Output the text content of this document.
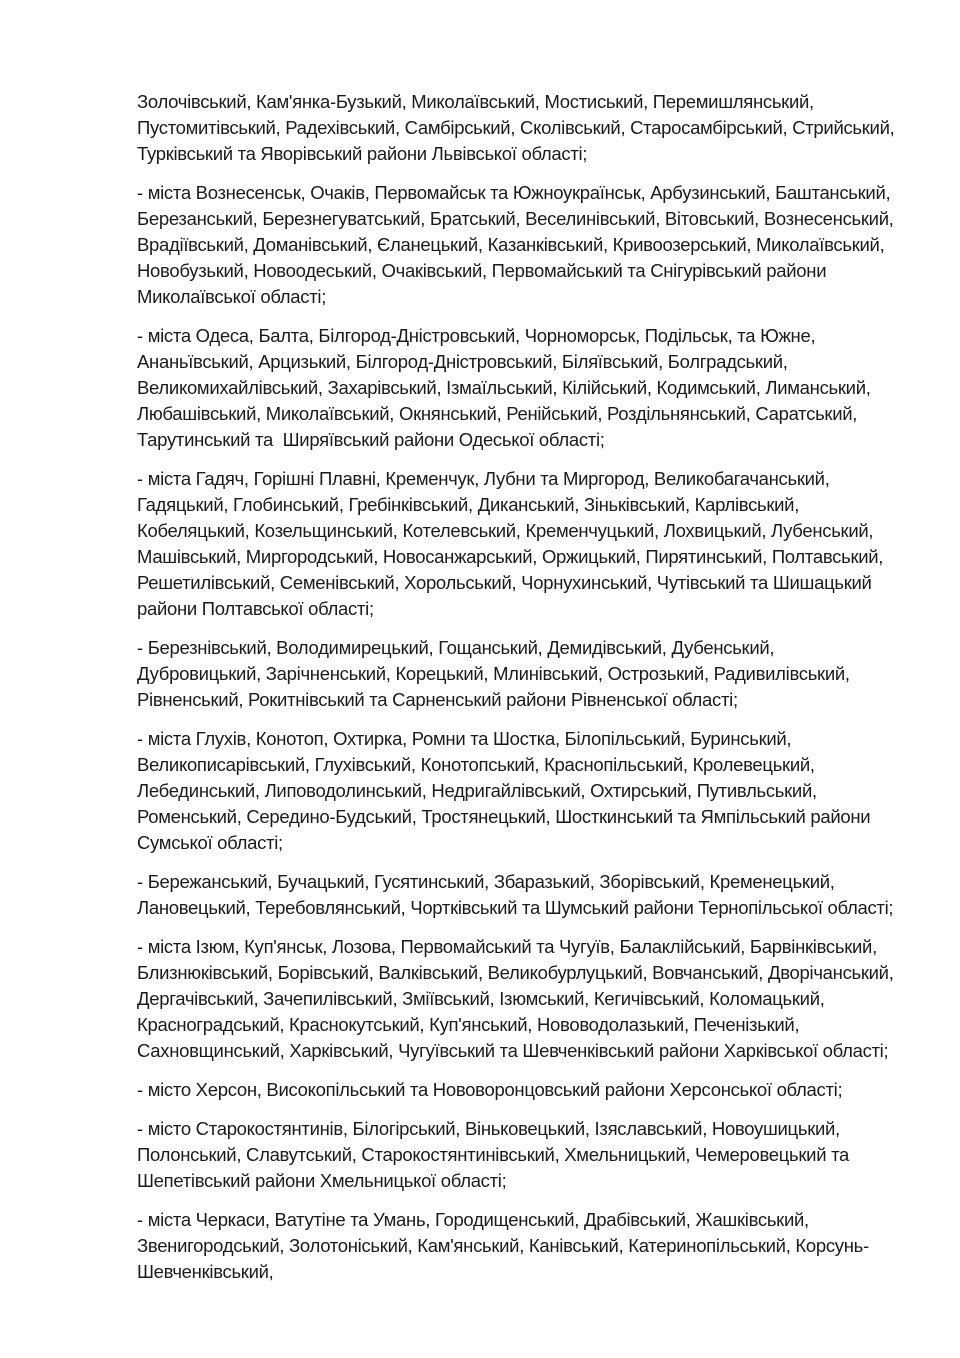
Золочівський, Кам'янка-Бузький, Миколаївський, Мостиський, Перемишлянський, Пустомитівський, Радехівський, Самбірський, Сколівський, Старосамбірський, Стрийський, Турківський та Яворівський райони Львівської області;

- міста Вознесенськ, Очаків, Первомайськ та Южноукраїнськ, Арбузинський, Баштанський, Березанський, Березнегуватський, Братський, Веселинівський, Вітовський, Вознесенський, Врадіївський, Доманівський, Єланецький, Казанківський, Кривоозерський, Миколаївський, Новобузький, Новоодеський, Очаківський, Первомайський та Снігурівський райони Миколаївської області;

- міста Одеса, Балта, Білгород-Дністровський, Чорноморськ, Подільськ, та Южне, Ананьївський, Арцизький, Білгород-Дністровський, Біляївський, Болградський, Великомихайлівський, Захарівський, Ізмаїльський, Кілійський, Кодимський, Лиманський, Любашівський, Миколаївський, Окнянський, Ренійський, Роздільнянський, Саратський, Тарутинський та  Ширяївський райони Одеської області;

- міста Гадяч, Горішні Плавні, Кременчук, Лубни та Миргород, Великобагачанський, Гадяцький, Глобинський, Гребінківський, Диканський, Зіньківський, Карлівський, Кобеляцький, Козельщинський, Котелевський, Кременчуцький, Лохвицький, Лубенський, Машівський, Миргородський, Новосанжарський, Оржицький, Пирятинський, Полтавський, Решетилівський, Семенівський, Хорольський, Чорнухинський, Чутівський та Шишацький райони Полтавської області;

- Березнівський, Володимирецький, Гощанський, Демидівський, Дубенський, Дубровицький, Зарічненський, Корецький, Млинівський, Острозький, Радивилівський, Рівненський, Рокитнівський та Сарненський райони Рівненської області;

- міста Глухів, Конотоп, Охтирка, Ромни та Шостка, Білопільський, Буринський, Великописарівський, Глухівський, Конотопський, Краснопільський, Кролевецький, Лебединський, Липоводолинський, Недригайлівський, Охтирський, Путивльський, Роменський, Середино-Будський, Тростянецький, Шосткинський та Ямпільський райони Сумської області;

- Бережанський, Бучацький, Гусятинський, Збаразький, Зборівський, Кременецький, Лановецький, Теребовлянський, Чортківський та Шумський райони Тернопільської області;

- міста Ізюм, Куп'янськ, Лозова, Первомайський та Чугуїв, Балаклійський, Барвінківський, Близнюківський, Борівський, Валківський, Великобурлуцький, Вовчанський, Дворічанський, Дергачівський, Зачепилівський, Зміївський, Ізюмський, Кегичівський, Коломацький, Красноградський, Краснокутський, Куп'янський, Нововодолазький, Печенізький, Сахновщинський, Харківський, Чугуївський та Шевченківський райони Харківської області;

- місто Херсон, Високопільський та Нововоронцовський райони Херсонської області;

- місто Старокостянтинів, Білогірський, Віньковецький, Ізяславський, Новоушицький, Полонський, Славутський, Старокостянтинівський, Хмельницький, Чемеровецький та Шепетівський райони Хмельницької області;

- міста Черкаси, Ватутіне та Умань, Городищенський, Драбівський, Жашківський, Звенигородський, Золотоніський, Кам'янський, Канівський, Катеринопільський, Корсунь-Шевченківський,
